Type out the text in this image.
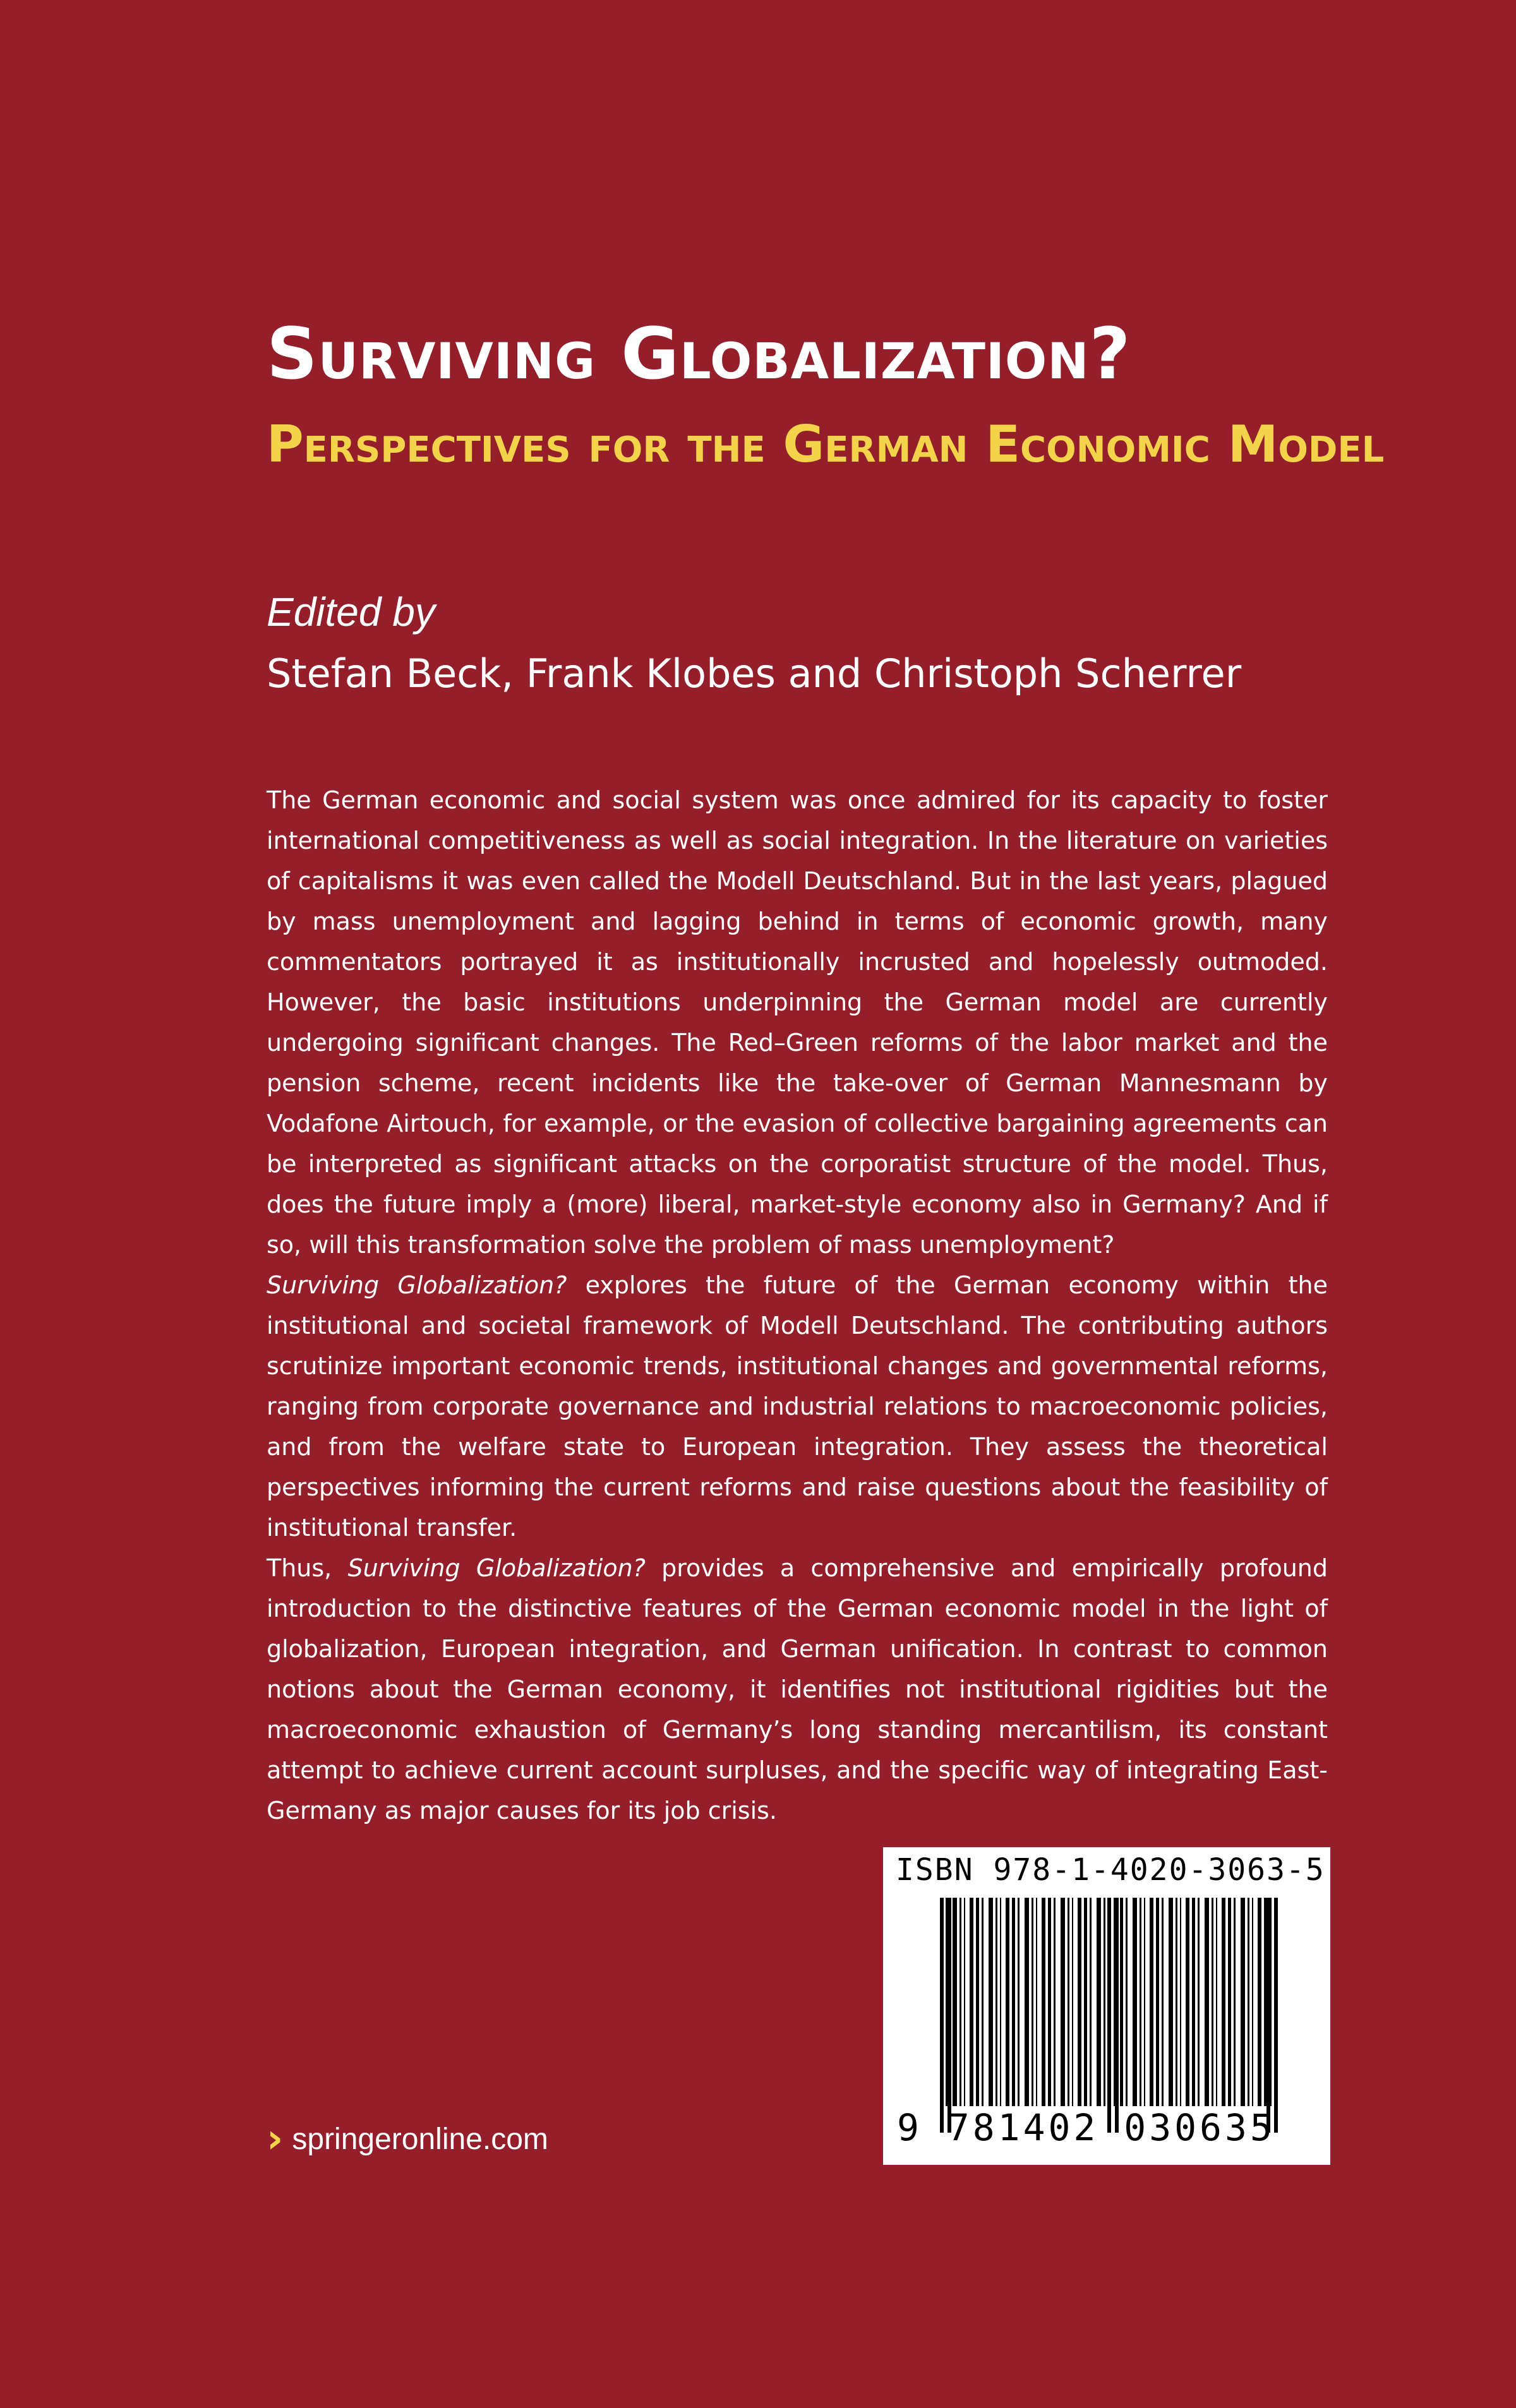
Surviving Globalization?
Perspectives for the German Economic Model
Edited by
Stefan Beck, Frank Klobes and Christoph Scherrer

The German economic and social system was once admired for its capacity to foster international competitiveness as well as social integration. In the literature on varieties of capitalisms it was even called the Modell Deutschland. But in the last years, plagued by mass unemployment and lagging behind in terms of economic growth, many commentators portrayed it as institutionally incrusted and hopelessly outmoded. However, the basic institutions underpinning the German model are currently undergoing significant changes. The Red–Green reforms of the labor market and the pension scheme, recent incidents like the take-over of German Mannesmann by Vodafone Airtouch, for example, or the evasion of collective bargaining agreements can be interpreted as significant attacks on the corporatist structure of the model. Thus, does the future imply a (more) liberal, market-style economy also in Germany? And if so, will this transformation solve the problem of mass unemployment?

Surviving Globalization? explores the future of the German economy within the institutional and societal framework of Modell Deutschland. The contributing authors scrutinize important economic trends, institutional changes and governmental reforms, ranging from corporate governance and industrial relations to macroeconomic policies, and from the welfare state to European integration. They assess the theoretical perspectives informing the current reforms and raise questions about the feasibility of institutional transfer.

Thus, Surviving Globalization? provides a comprehensive and empirically profound introduction to the distinctive features of the German economic model in the light of globalization, European integration, and German unification. In contrast to common notions about the German economy, it identifies not institutional rigidities but the macroeconomic exhaustion of Germany’s long standing mercantilism, its constant attempt to achieve current account surpluses, and the specific way of integrating East-Germany as major causes for its job crisis.

› springeronline.com
ISBN 978-1-4020-3063-5
9 781402 030635
